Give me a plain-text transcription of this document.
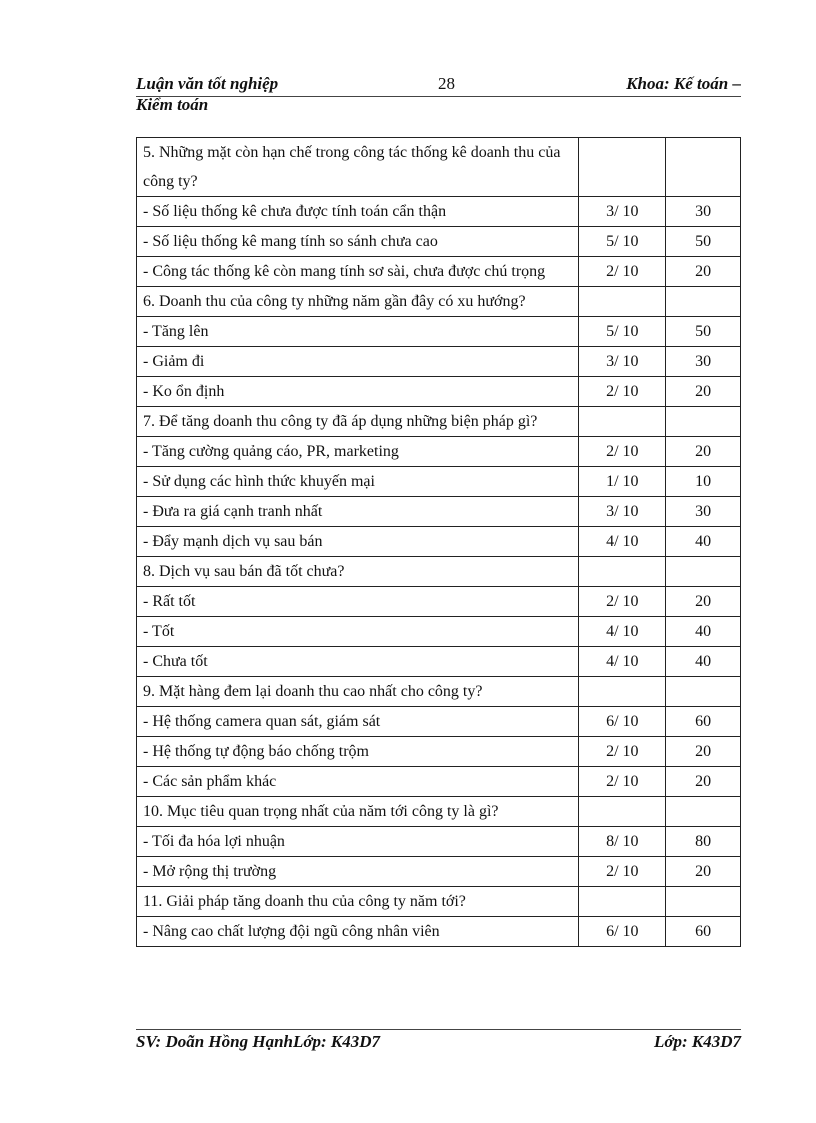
Luận văn tốt nghiệp	28	Khoa: Kế toán –
Kiểm toán
5. Những mặt còn hạn chế trong công tác thống kê doanh thu của công ty?		
- Số liệu thống kê chưa được tính toán cẩn thận	3/ 10	30
- Số liệu thống kê mang tính so sánh chưa cao	5/ 10	50
- Công tác thống kê còn mang tính sơ sài, chưa được chú trọng	2/ 10	20
6. Doanh thu của công ty những năm gần đây có xu hướng?		
- Tăng lên	5/ 10	50
- Giảm đi	3/ 10	30
- Ko ổn định	2/ 10	20
7. Để tăng doanh thu công ty đã áp dụng những biện pháp gì?		
- Tăng cường quảng cáo, PR, marketing	2/ 10	20
- Sử dụng các hình thức khuyến mại	1/ 10	10
- Đưa ra giá cạnh tranh nhất	3/ 10	30
- Đẩy mạnh dịch vụ sau bán	4/ 10	40
8. Dịch vụ sau bán đã tốt chưa?		
- Rất tốt	2/ 10	20
- Tốt	4/ 10	40
- Chưa tốt	4/ 10	40
9. Mặt hàng đem lại doanh thu cao nhất cho công ty?		
- Hệ thống camera quan sát, giám sát	6/ 10	60
- Hệ thống tự động báo chống trộm	2/ 10	20
- Các sản phẩm khác	2/ 10	20
10. Mục tiêu quan trọng nhất của năm tới công ty là gì?		
- Tối đa hóa lợi nhuận	8/ 10	80
- Mở rộng thị trường	2/ 10	20
11. Giải pháp tăng doanh thu của công ty năm tới?		
- Nâng cao chất lượng đội ngũ công nhân viên	6/ 10	60
SV: Doãn Hồng HạnhLớp: K43D7	Lớp: K43D7
